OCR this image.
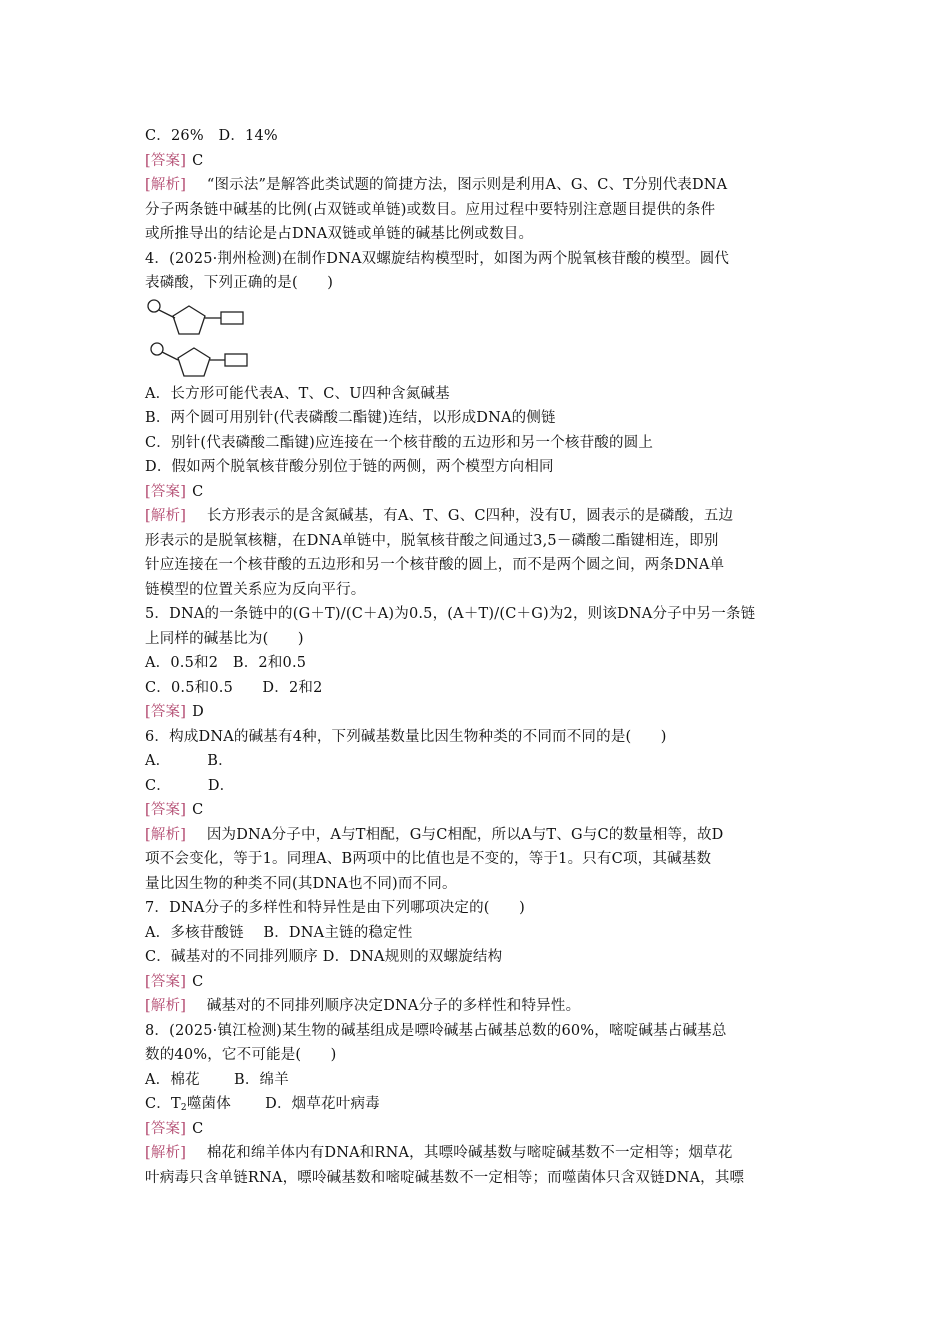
C．26%　D．14%
[答案] C
[解析]　“图示法”是解答此类试题的简捷方法，图示则是利用A、G、C、T分别代表DNA
分子两条链中碱基的比例(占双链或单链)或数目。应用过程中要特别注意题目提供的条件
或所推导出的结论是占DNA双链或单链的碱基比例或数目。
4．(2025·荆州检测)在制作DNA双螺旋结构模型时，如图为两个脱氧核苷酸的模型。圆代
表磷酸，下列正确的是(　　)
A．长方形可能代表A、T、C、U四种含氮碱基
B．两个圆可用别针(代表磷酸二酯键)连结，以形成DNA的侧链
C．别针(代表磷酸二酯键)应连接在一个核苷酸的五边形和另一个核苷酸的圆上
D．假如两个脱氧核苷酸分别位于链的两侧，两个模型方向相同
[答案] C
[解析]　长方形表示的是含氮碱基，有A、T、G、C四种，没有U，圆表示的是磷酸，五边
形表示的是脱氧核糖，在DNA单链中，脱氧核苷酸之间通过3,5－磷酸二酯键相连，即别
针应连接在一个核苷酸的五边形和另一个核苷酸的圆上，而不是两个圆之间，两条DNA单
链模型的位置关系应为反向平行。
5．DNA的一条链中的(G＋T)/(C＋A)为0.5，(A＋T)/(C＋G)为2，则该DNA分子中另一条链
上同样的碱基比为(　　)
A．0.5和2　B．2和0.5
C．0.5和0.5　　D．2和2
[答案] D
6．构成DNA的碱基有4种，下列碱基数量比因生物种类的不同而不同的是(　　)
A．　　　B．
C．　　　D．
[答案] C
[解析]　因为DNA分子中，A与T相配，G与C相配，所以A与T、G与C的数量相等，故D
项不会变化，等于1。同理A、B两项中的比值也是不变的，等于1。只有C项，其碱基数
量比因生物的种类不同(其DNA也不同)而不同。
7．DNA分子的多样性和特异性是由下列哪项决定的(　　)
A．多核苷酸链　 B．DNA主链的稳定性
C．碱基对的不同排列顺序 D．DNA规则的双螺旋结构
[答案] C
[解析]　碱基对的不同排列顺序决定DNA分子的多样性和特异性。
8．(2025·镇江检测)某生物的碱基组成是嘌呤碱基占碱基总数的60%，嘧啶碱基占碱基总
数的40%，它不可能是(　　)
A．棉花　　 B．绵羊
C．$T_2$噬菌体　　 D．烟草花叶病毒
[答案] C
[解析]　棉花和绵羊体内有DNA和RNA，其嘌呤碱基数与嘧啶碱基数不一定相等；烟草花
叶病毒只含单链RNA，嘌呤碱基数和嘧啶碱基数不一定相等；而噬菌体只含双链DNA，其嘌
